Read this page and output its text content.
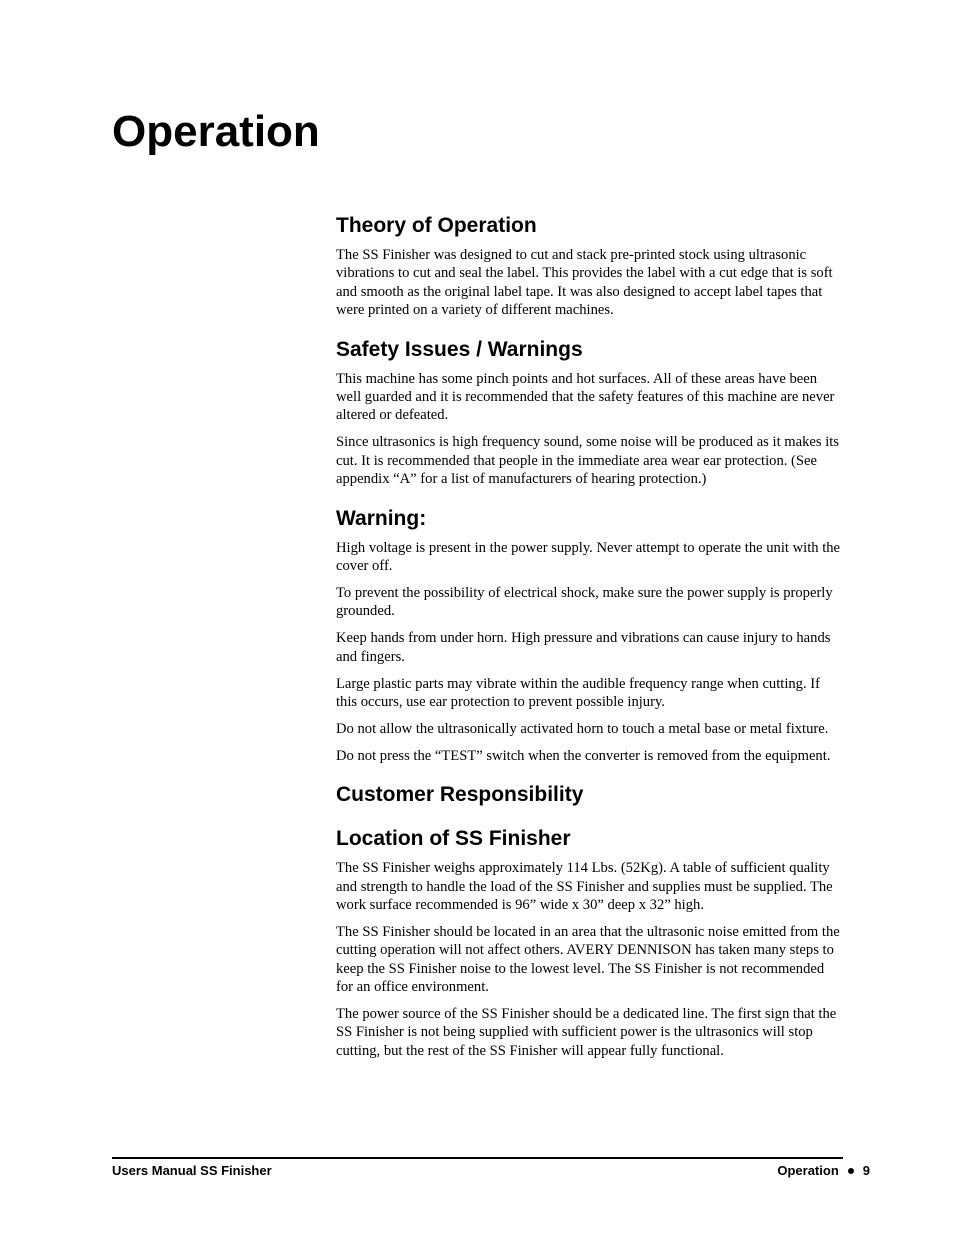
Operation
Theory of Operation

The SS Finisher was designed to cut and stack pre-printed stock using ultrasonic vibrations to cut and seal the label. This provides the label with a cut edge that is soft and smooth as the original label tape. It was also designed to accept label tapes that were printed on a variety of different machines.

Safety Issues / Warnings

This machine has some pinch points and hot surfaces. All of these areas have been well guarded and it is recommended that the safety features of this machine are never altered or defeated.

Since ultrasonics is high frequency sound, some noise will be produced as it makes its cut. It is recommended that people in the immediate area wear ear protection. (See appendix “A” for a list of manufacturers of hearing protection.)

Warning:

High voltage is present in the power supply. Never attempt to operate the unit with the cover off.

To prevent the possibility of electrical shock, make sure the power supply is properly grounded.

Keep hands from under horn. High pressure and vibrations can cause injury to hands and fingers.

Large plastic parts may vibrate within the audible frequency range when cutting. If this occurs, use ear protection to prevent possible injury.

Do not allow the ultrasonically activated horn to touch a metal base or metal fixture.

Do not press the “TEST” switch when the converter is removed from the equipment.

Customer Responsibility
Location of SS Finisher

The SS Finisher weighs approximately 114 Lbs. (52Kg). A table of sufficient quality and strength to handle the load of the SS Finisher and supplies must be supplied. The work surface recommended is 96” wide x 30” deep x 32” high.

The SS Finisher should be located in an area that the ultrasonic noise emitted from the cutting operation will not affect others. AVERY DENNISON has taken many steps to keep the SS Finisher noise to the lowest level. The SS Finisher is not recommended for an office environment.

The power source of the SS Finisher should be a dedicated line. The first sign that the SS Finisher is not being supplied with sufficient power is the ultrasonics will stop cutting, but the rest of the SS Finisher will appear fully functional.

Users Manual SS Finisher	Operation 9
